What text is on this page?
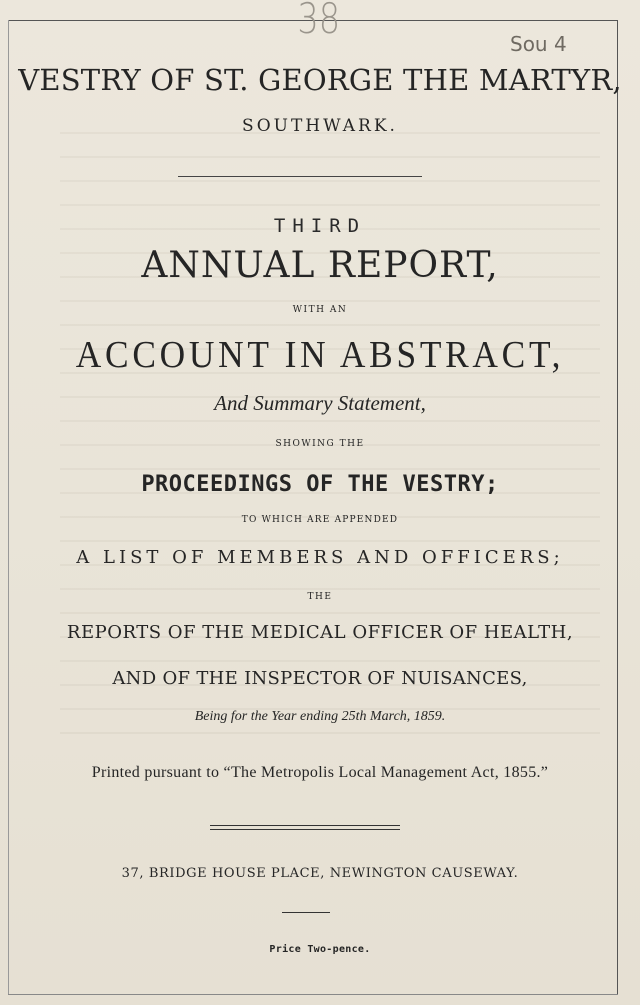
38
Sou 4
VESTRY OF ST. GEORGE THE MARTYR,
SOUTHWARK.
THIRD
ANNUAL REPORT,
WITH AN
ACCOUNT IN ABSTRACT,
And Summary Statement,
SHOWING THE
PROCEEDINGS OF THE VESTRY;
TO WHICH ARE APPENDED
A LIST OF MEMBERS AND OFFICERS;
THE
REPORTS OF THE MEDICAL OFFICER OF HEALTH,
AND OF THE INSPECTOR OF NUISANCES,
Being for the Year ending 25th March, 1859.
Printed pursuant to “The Metropolis Local Management Act, 1855.”
37, BRIDGE HOUSE PLACE, NEWINGTON CAUSEWAY.
Price Two-pence.
